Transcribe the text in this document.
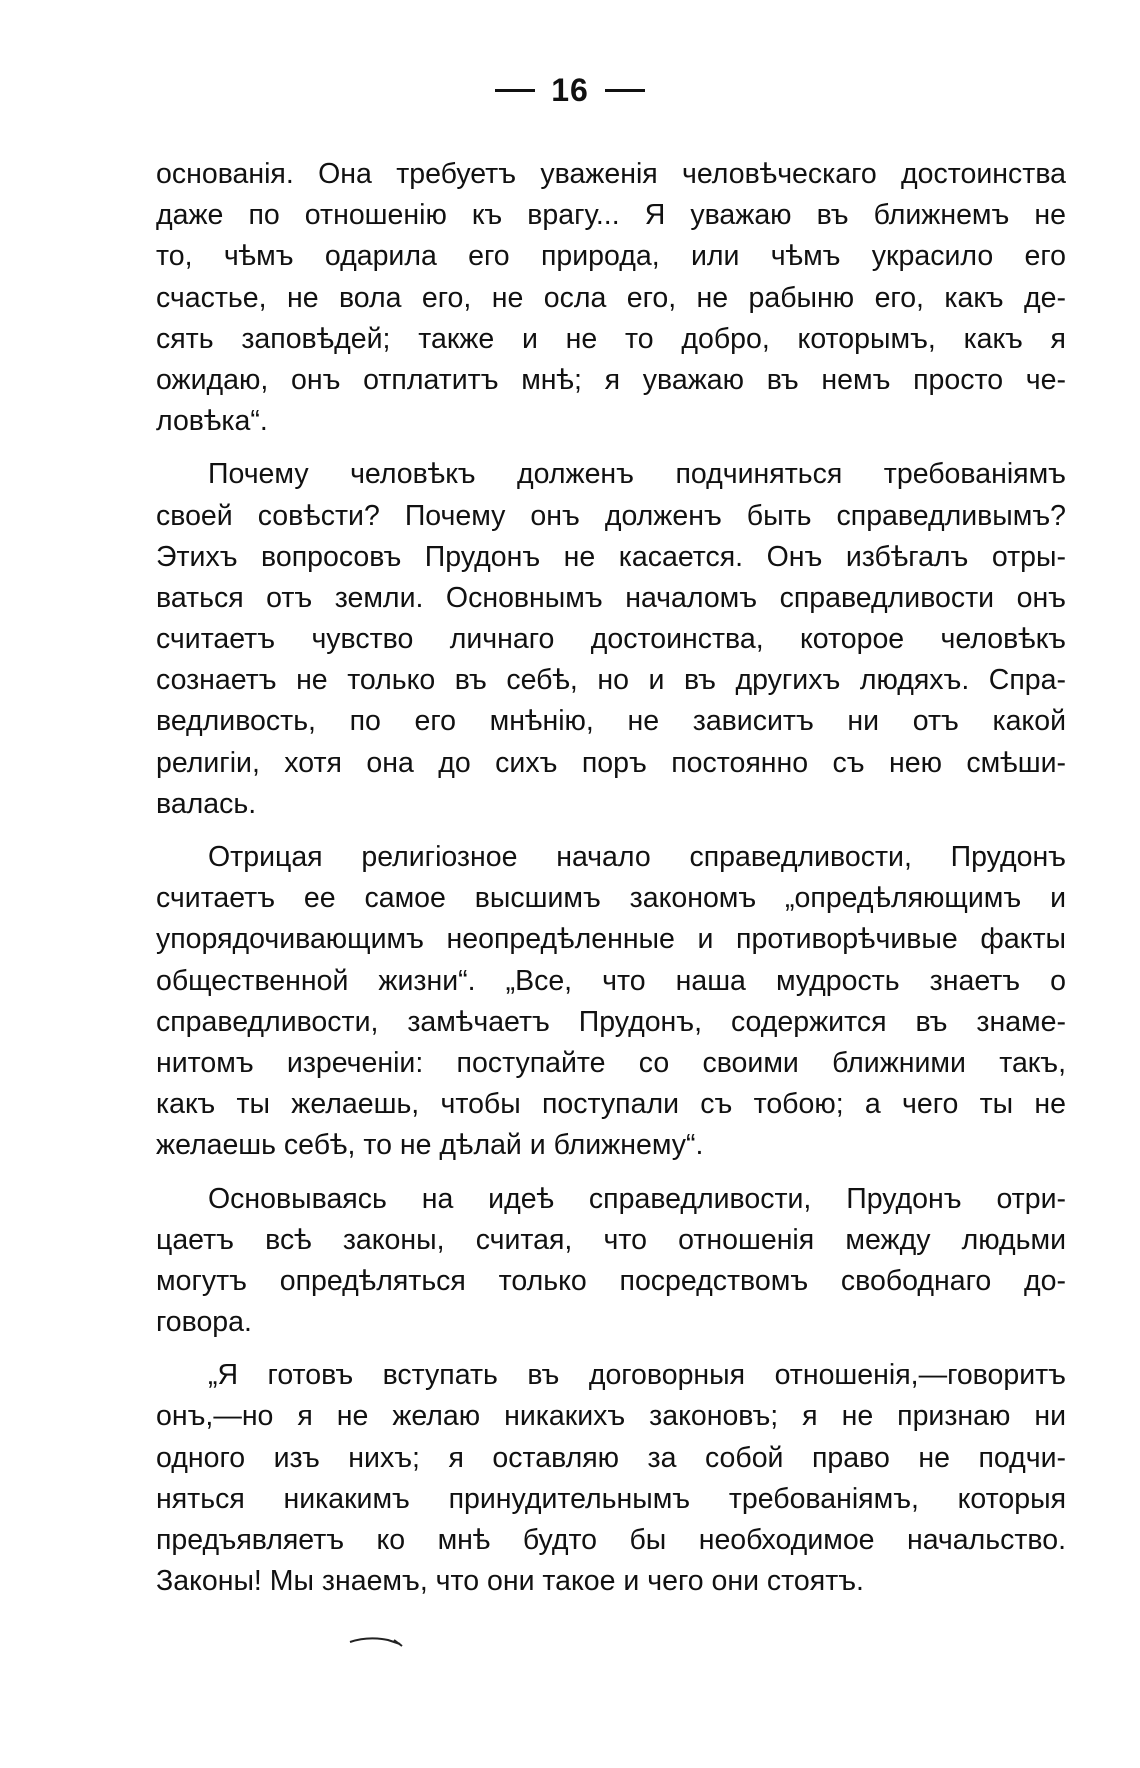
16
основанія. Она требуетъ уваженія человѣческаго достоинства
даже по отношенію къ врагу... Я уважаю въ ближнемъ не
то, чѣмъ одарила его природа, или чѣмъ украсило его
счастье, не вола его, не осла его, не рабыню его, какъ де-
сять заповѣдей; также и не то добро, которымъ, какъ я
ожидаю, онъ отплатитъ мнѣ; я уважаю въ немъ просто че-
ловѣка“.
Почему человѣкъ долженъ подчиняться требованіямъ
своей совѣсти? Почему онъ долженъ быть справедливымъ?
Этихъ вопросовъ Прудонъ не касается. Онъ избѣгалъ отры-
ваться отъ земли. Основнымъ началомъ справедливости онъ
считаетъ чувство личнаго достоинства, которое человѣкъ
сознаетъ не только въ себѣ, но и въ другихъ людяхъ. Спра-
ведливость, по его мнѣнію, не зависитъ ни отъ какой
религіи, хотя она до сихъ поръ постоянно съ нею смѣши-
валась.
Отрицая религіозное начало справедливости, Прудонъ
считаетъ ее самое высшимъ закономъ „опредѣляющимъ и
упорядочивающимъ неопредѣленные и противорѣчивые факты
общественной жизни“. „Все, что наша мудрость знаетъ о
справедливости, замѣчаетъ Прудонъ, содержится въ знаме-
нитомъ изреченіи: поступайте со своими ближними такъ,
какъ ты желаешь, чтобы поступали съ тобою; а чего ты не
желаешь себѣ, то не дѣлай и ближнему“.
Основываясь на идеѣ справедливости, Прудонъ отри-
цаетъ всѣ законы, считая, что отношенія между людьми
могутъ опредѣляться только посредствомъ свободнаго до-
говора.
„Я готовъ вступать въ договорныя отношенія,—говоритъ
онъ,—но я не желаю никакихъ законовъ; я не признаю ни
одного изъ нихъ; я оставляю за собой право не подчи-
няться никакимъ принудительнымъ требованіямъ, которыя
предъявляетъ ко мнѣ будто бы необходимое начальство.
Законы! Мы знаемъ, что они такое и чего они стоятъ.
